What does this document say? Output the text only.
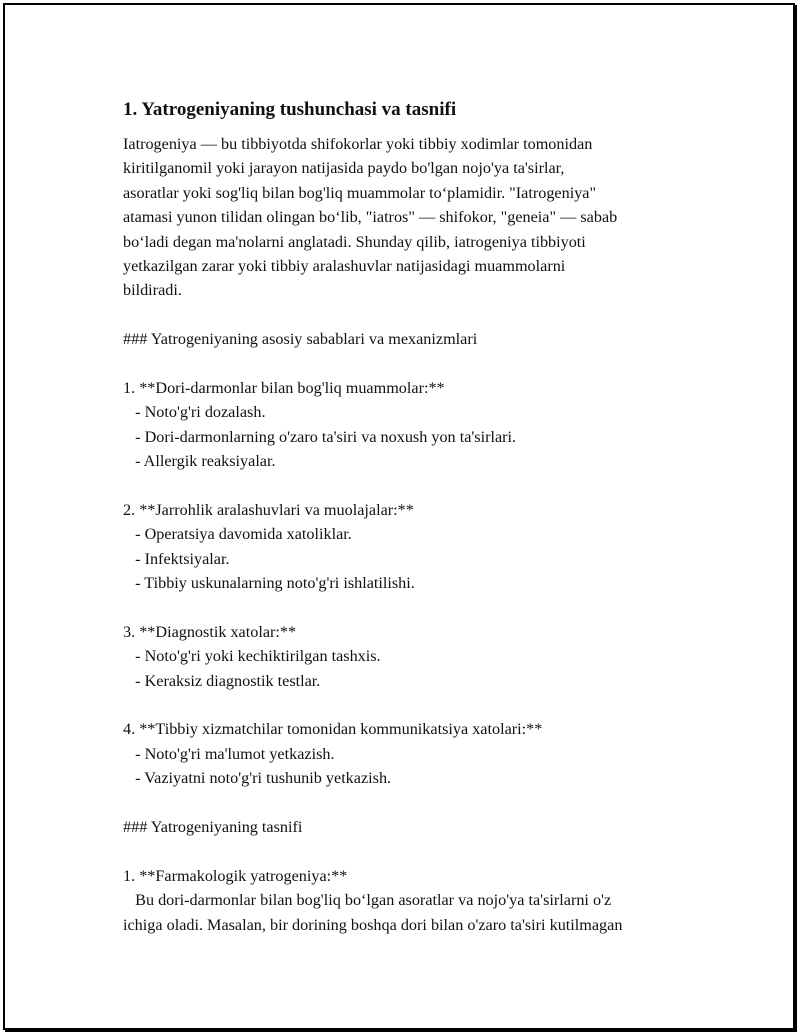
1. Yatrogeniyaning tushunchasi va tasnifi
Iatrogeniya — bu tibbiyotda shifokorlar yoki tibbiy xodimlar tomonidan
kiritilganomil yoki jarayon natijasida paydo bo'lgan nojo'ya ta'sirlar,
asoratlar yoki sog'liq bilan bog'liq muammolar to‘plamidir. "Iatrogeniya"
atamasi yunon tilidan olingan bo‘lib, "iatros" — shifokor, "geneia" — sabab
bo‘ladi degan ma'nolarni anglatadi. Shunday qilib, iatrogeniya tibbiyoti
yetkazilgan zarar yoki tibbiy aralashuvlar natijasidagi muammolarni
bildiradi.
### Yatrogeniyaning asosiy sabablari va mexanizmlari
1. **Dori-darmonlar bilan bog'liq muammolar:**
- Noto'g'ri dozalash.
- Dori-darmonlarning o'zaro ta'siri va noxush yon ta'sirlari.
- Allergik reaksiyalar.
2. **Jarrohlik aralashuvlari va muolajalar:**
- Operatsiya davomida xatoliklar.
- Infektsiyalar.
- Tibbiy uskunalarning noto'g'ri ishlatilishi.
3. **Diagnostik xatolar:**
- Noto'g'ri yoki kechiktirilgan tashxis.
- Keraksiz diagnostik testlar.
4. **Tibbiy xizmatchilar tomonidan kommunikatsiya xatolari:**
- Noto'g'ri ma'lumot yetkazish.
- Vaziyatni noto'g'ri tushunib yetkazish.
### Yatrogeniyaning tasnifi
1. **Farmakologik yatrogeniya:**
Bu dori-darmonlar bilan bog'liq bo‘lgan asoratlar va nojo'ya ta'sirlarni o'z
ichiga oladi. Masalan, bir dorining boshqa dori bilan o'zaro ta'siri kutilmagan
